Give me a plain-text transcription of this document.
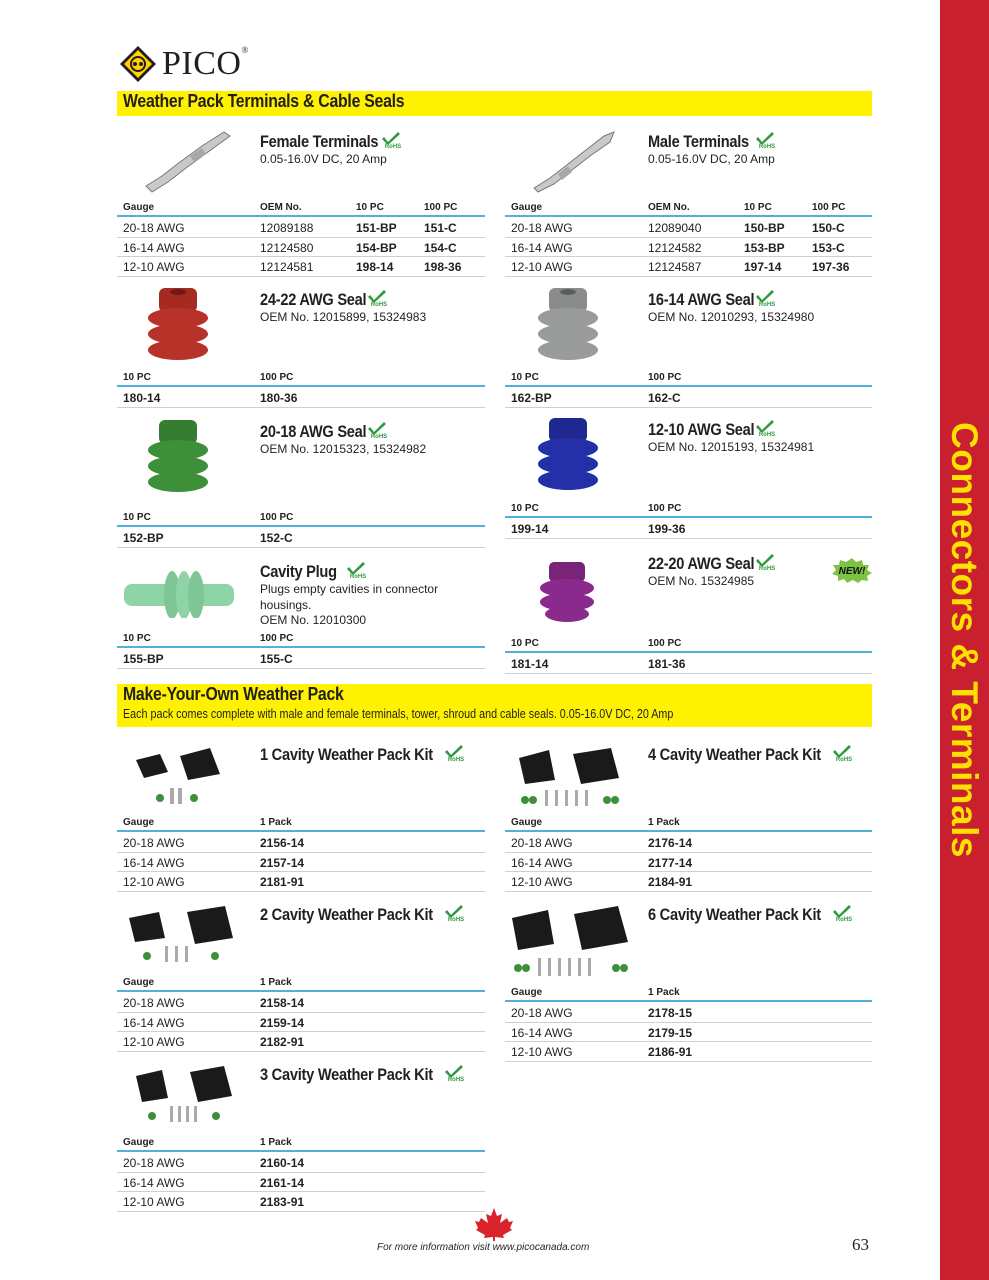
Connectors & Terminals
PICO®
Weather Pack Terminals & Cable Seals
Make-Your-Own Weather Pack

Each pack comes complete with male and female terminals, tower, shroud and cable seals. 0.05-16.0V DC, 20 Amp
Female Terminals RoHS
0.05-16.0V DC, 20 Amp
Gauge	OEM No.	10 PC	100 PC
20-18 AWG	12089188	151-BP 151-C
16-14 AWG	12124580	154-BP 154-C
12-10 AWG	12124581	198-14	198-36
Male Terminals RoHS
0.05-16.0V DC, 20 Amp
Gauge	OEM No.	10 PC	100 PC
20-18 AWG	12089040	150-BP 150-C
16-14 AWG	12124582	153-BP 153-C
12-10 AWG	12124587	197-14	197-36
24-22 AWG Seal RoHS
OEM No. 12015899, 15324983
10 PC	100 PC
180-14	180-36
16-14 AWG Seal RoHS
OEM No. 12010293, 15324980
10 PC	100 PC
162-BP	162-C
20-18 AWG Seal RoHS
OEM No. 12015323, 15324982
10 PC	100 PC
152-BP	152-C
12-10 AWG Seal RoHS
OEM No. 12015193, 15324981
10 PC	100 PC
199-14	199-36
Cavity Plug RoHS
Plugs empty cavities in connector
housings.
OEM No. 12010300
10 PC	100 PC
155-BP	155-C
22-20 AWG Seal RoHS
OEM No. 15324985
10 PC	100 PC
181-14	181-36
1 Cavity Weather Pack Kit	RoHS
Gauge	1 Pack
20-18 AWG	2156-14
16-14 AWG	2157-14
12-10 AWG	2181-91
4 Cavity Weather Pack Kit	RoHS
Gauge	1 Pack
20-18 AWG	2176-14
16-14 AWG	2177-14
12-10 AWG	2184-91
2 Cavity Weather Pack Kit	RoHS
Gauge	1 Pack
20-18 AWG	2158-14
16-14 AWG	2159-14
12-10 AWG	2182-91
6 Cavity Weather Pack Kit	RoHS
Gauge	1 Pack
20-18 AWG	2178-15
16-14 AWG	2179-15
12-10 AWG	2186-91
3 Cavity Weather Pack Kit	RoHS
Gauge	1 Pack
20-18 AWG	2160-14
16-14 AWG	2161-14
12-10 AWG	2183-91
NEW!
For more information visit www.picocanada.com	63
